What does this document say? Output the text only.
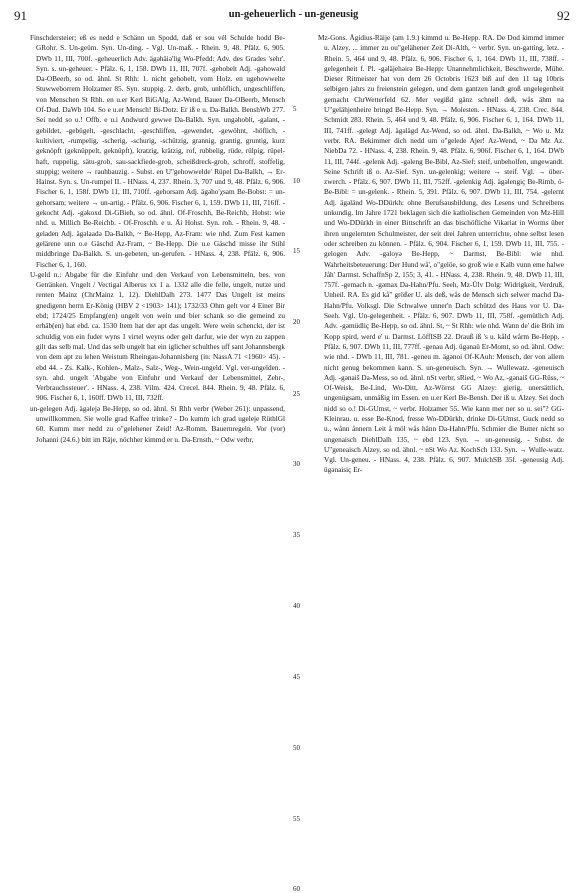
91	un-geheuerlich - un-geneusig	92

Finschdersteier; eß es nedd e Schänn un Spodd, daß er sou vél Schulde hodd Be-GRohr. S. Un-geüm. Syn. Un-ding. - Vgl. Un-maß. - Rhein. 9, 48. Pfälz. 6, 905. DWb 11, III, 700f. -geheuerlich Adv. ägəhäiə'lig Wo-Pfedd: Adv. des Grades 'sehr'. Syn. s. un-geheuer. - Pfälz. 6, 1, 158. DWb 11, III, 707f. -gehobelt Adj. -gəhowəld Da-OBeerb, so od. ähnl. St Rhh: 1. nicht gehobelt, vom Holz. en ugehowwelte Stuwweborrem Holzamer 85. Syn. stuppig. 2. derb, grob, unhöflich, ungeschliffen, von Menschen St Rhh. en u.er Kerl BiGAlg, Az-Wend, Bauer Da-OBeerb, Mensch Of-Dud. DaWb 104. So e u.er Mensch! Bi-Dotz. Er iß e u. Da-Balkh. BenshWb 277. Sei nedd so u.! Offb. e u.i Andwurd gewwe Da-Balkh. Syn. ungəhoblt, -galant, -gebildet, -gebügelt, -geschlacht, -geschliffen, -gewendet, -gewöhnt, -höflich, -kultiviert, -rumpelig, -scherig, -schurig, -schützig, grannig, grantig, gruntig, kurz geknöpft (geknüppelt, geknüpft), kratzig, krätzig, rof, rubbelig, rüde, rülpig, rüpel-haft, ruppelig, sätu-grob, sau-sackfiede-grob, scheißdreck-grob, schroff, stoffelig, stuppig; weitere → rauhbauzig. - Subst. en U"gehowwelde' Rüpel Da-Balkh, → Er-Hainst. Syn. s. Un-rumpel II. - HNass. 4, 237. Rhein. 3, 707 und 9, 48. Pfälz. 6, 906. Fischer 6, 1, 158f. DWb 11, III, 710ff. -gehorsam Adj. ägəho'χsam Be-Bobst: = un-gehorsam; weitere → un-artig. - Pfälz. 6, 906. Fischer 6, 1, 159. DWb 11, III, 716ff. -gekocht Adj. -gəkoxd Di-GBieb, so od. ähnl. Of-Froschh, Be-Reichb, Hobst: wie nhd. u. Millich Be-Reichb. - Of-Froschh. e u. Äi Hohst. Syn. roh. - Rhein. 9, 48. -geladen Adj. ägəlaadə Da-Balkh, ~ Be-Hepp, Az-Fram: wie nhd. Zum Fest kamen gelärene unn o.e Gäschd Az-Fram, ~ Be-Hepp. Die u.e Gäschd misse ihr Stihl middbringe Da-Balkh. S. un-gebeten, un-gerufen. - HNass. 4, 238. Pfälz. 6, 906. Fischer 6, 1, 160.

U-geld n.: Abgabe für die Einfuhr und den Verkauf von Lebensmitteln, bes. von Getränken. Vngelt / Vectigal Alberus xx 1 a. 1332 alle die felle, ungelt, nutze und renten Mainz (ChrMainz 1, 12). DiehlDalh 273. 1477 Das Ungelt ist meins gnedigenn herrn Er-König (HBV 2 <1903> 141); 1732/33 Ohm gelt vor 4 Einer Bir ebd; 1724/25 Empfang(en) ungelt von wein und bier schank so die gemeind zu erhäb(en) hat ebd. ca. 1530 Item hat der apt das ungelt. Were wein schenckt, der ist schuldig von ein fuder wyns 1 virtel weyns oder gelt darfur, wie der wyn zu zappen gilt das selb mal. Und das selb ungelt hat ein iglicher schulthes uff sant Johannsbergk von dem apt zu lehen Weistum Rheingau-Johannisberg (in: NassA 71 <1960> 45). - ebd 44. - Zs. Kalk-, Kohlen-, Malz-, Salz-, Weg-, Wein-ungeld. Vgl. ver-ungelden. - syn. ahd. ungelt 'Abgabe von Einfuhr und Verkauf der Lebensmittel, Zehr-, Verbrauchssteuer'. - HNass. 4, 238. Vilm. 424. Crecel. 844. Rhein. 9, 48. Pfälz. 6, 906. Fischer 6, 1, 160ff. DWb 11, III, 732ff.

un-gelegen Adj. ägəlejə Be-Hepp, so od. ähnl. St Rhh verbr (Weber 261): unpassend, unwillkommen. Sie wolle grad Kaffee trinke? - Do kumm ich grad ugeleje RüthlGl 60. Kumm mer nedd zu o"gelehener Zeid! Az-Romm. Bauernregeln. Vor (vor) Johanni (24.6.) bitt im Räje, nöchher kimmd er u. Da-Ernsth, ~ Odw verbr,

5
10
15
20
25
30
35
40
45
50
55
60

Mz-Gons. Ägidius-Räije (am 1.9.) kimmd u. Be-Hepp. RA. De Dod kimmd immer u. Alzey, ... immer zu ou"gelähener Zeit Di-Alth, ~ verbr. Syn. un-gatting, letz. - Rhein. 5, 464 und 9, 48. Pfälz. 6, 906. Fischer 6, 1, 164. DWb 11, III, 738ff. -gelegenheit f. Pl. -gəläjehəirə Be-Hepp: Unannehmlichkeit, Beschwerde, Mühe. Dieser Ritmeister hat von dem 26 Octobris 1623 biß auf den 11 tag 10bris selbigen jahrs zu freienstein gelegen, und dem gantzen landt groß ungelegenheit gemacht ChrWetterfeld 62. Mer vegißd gänz schnell deß, wås ähm na U"gelähjenheire bringd Be-Hepp. Syn. → Molesten. - HNass. 4, 238. Crec. 844. Schmidt 283. Rhein. 5, 464 und 9, 48. Pfälz. 6, 906. Fischer 6, 1, 164. DWb 11, III, 741ff. -gelegt Adj. ägəlägd Az-Wend, so od. ähnl. Da-Balkh, ~ Wo u. Mz verbr. RA. Bekimmer dich nedd um o"gelede Ajer! Az-Wend, ~ Da Mz Az. NiebDa 72. - HNass. 4, 238. Rhein. 9, 48. Pfälz. 6, 906f. Fischer 6, 1, 164. DWb 11, III, 744f. -gelenk Adj. -gəleng Be-Bibl, Az-Sief: steif, unbeholfen, ungewandt. Seine Schrift iß o. Az-Sief. Syn. un-gelenkig; weitere → steif. Vgl. → über-zwerch. - Pfälz. 6, 907. DWb 11, III, 752ff. -gelenkig Adj. ägəlengiç Be-Rimb, ö- Be-Bibl: = un-gelenk. - Rhein. 5, 391. Pfälz. 6, 907. DWb 11, III, 754. -gelernt Adj. ägəländ Wo-DDürkh: ohne Berufsausbildung, des Lesens und Schreibens unkundig. Im Jahre 1721 beklagen sich die katholischen Gemeinden von Mz-Hill und Wo-DDürkh in einer Bittschrift an das bischöfliche Vikariat in Worms über ihren ungelernten Schulmeister, der seit drei Jahren unterrichte, ohne selbst lesen oder schreiben zu können. - Pfälz. 6, 904. Fischer 6, 1, 159. DWb 11, III, 755. -gelogen Adv. -gəloyə Be-Hepp, ~ Darmst, Be-Bibl: wie nhd. Wahrheitsbeteuerung: Der Hund wå', o"gelöe, so groß wie e Kalb vunn eme halwe Jåh' Darmst. SchaffnSp 2, 155; 3, 41. - HNass. 4, 238. Rhein. 9, 48. DWb 11, III, 757f. -gemach n. -gəmax Da-Hahn/Pfu. Seeh, Mz-Ülv Dolg: Widrigkeit, Verdruß, Unheil. RA. Es gid kå" größer U. als deß, wås de Mensch sich selwer machd Da-Hahn/Pfu. Volksgl. Die Schwalwe unner'n Dach schützd des Haus vor U. Da-Seeh. Vgl. Un-gelegenheit. - Pfälz. 6, 907. DWb 11, III, 758f. -gemütlich Adj. Adv. -gəmüdliç Be-Hepp, so od. ähnl. St, ~ St Rhh: wie nhd. Wann de' die Brih im Kopp spird, werd e' u. Darmst. LöffISB 22. Drauß iß 's u. kåld wårm Be-Hepp. - Pfälz. 6, 907. DWb 11, III, 777ff. -genau Adj. ügənaü Er-Momt, so od. ähnl. Odw: wie nhd. - DWb 11, III, 781. -geneu m. ägənoi Of-KAuh: Mensch, der von allem nicht genug bekommen kann. S. un-geneuisch. Syn. → Wullewatz. -geneuisch Adj. -gənaiš Da-Mess, so od. ähnl. nSt verbr, sRied, ~ Wo Az, -gənaiš GG-Rüss, ~ Of-Weisk, Be-Lind, Wo-Ditt, Az-Wörrst GG Alzey: gierig, unersättlich, ungenügsam, unmäßig im Essen. en u.er Kerl Be-Bensh. Der iß u. Alzey. Sei doch nidd so o.! Di-GUmst, ~ verbr. Holzamer 55. Wie kann mer ner so u. sei"? GG-Kleinrau. u. esse Be-Knod, fresse Wo-DDürkh, drinke Di-GUmst. Guck nedd so u., wånn ånnern Leit å möl wås hånn Da-Hahn/Pfu. Schmier die Butter nicht so ungenaisch DiehlDalh 135, ~ ebd 123. Syn. → un-geneusig. - Subst. de U"geneaisch Alzey, so od. ähnl. ~ nSt Wo Az. KochSch 133. Syn. → Wulle-watz. Vgl. Un-geneu. - HNass. 4, 238. Pfälz. 6, 907. MulchSB 35f. -geneusig Adj. ügənaisiç Er-
